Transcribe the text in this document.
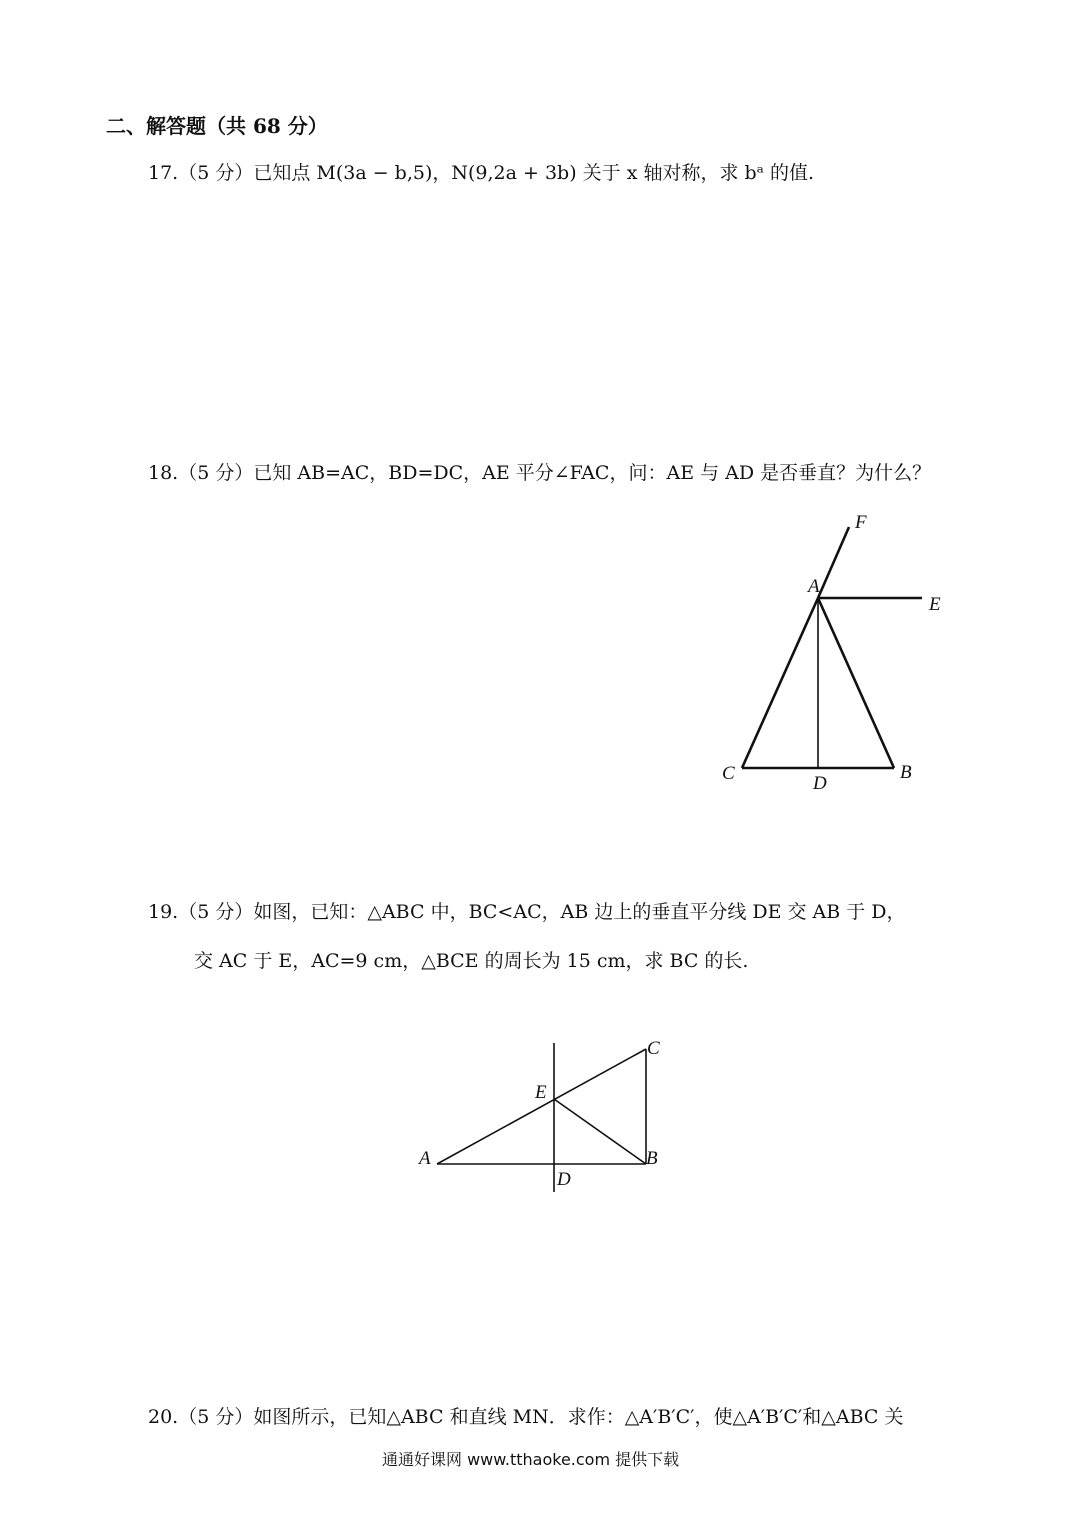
二、解答题（共 68 分）
17.（5 分）已知点 M(3a − b,5)，N(9,2a + 3b) 关于 x 轴对称，求 bᵃ 的值.
18.（5 分）已知 AB=AC，BD=DC，AE 平分∠FAC，问：AE 与 AD 是否垂直？为什么？
19.（5 分）如图，已知：△ABC 中，BC<AC，AB 边上的垂直平分线 DE 交 AB 于 D，
交 AC 于 E，AC=9 cm，△BCE 的周长为 15 cm，求 BC 的长.
20.（5 分）如图所示，已知△ABC 和直线 MN．求作：△A′B′C′，使△A′B′C′和△ABC 关
通通好课网 www.tthaoke.com 提供下载
F
A
E
C	D
B
C
E
A	B
D
